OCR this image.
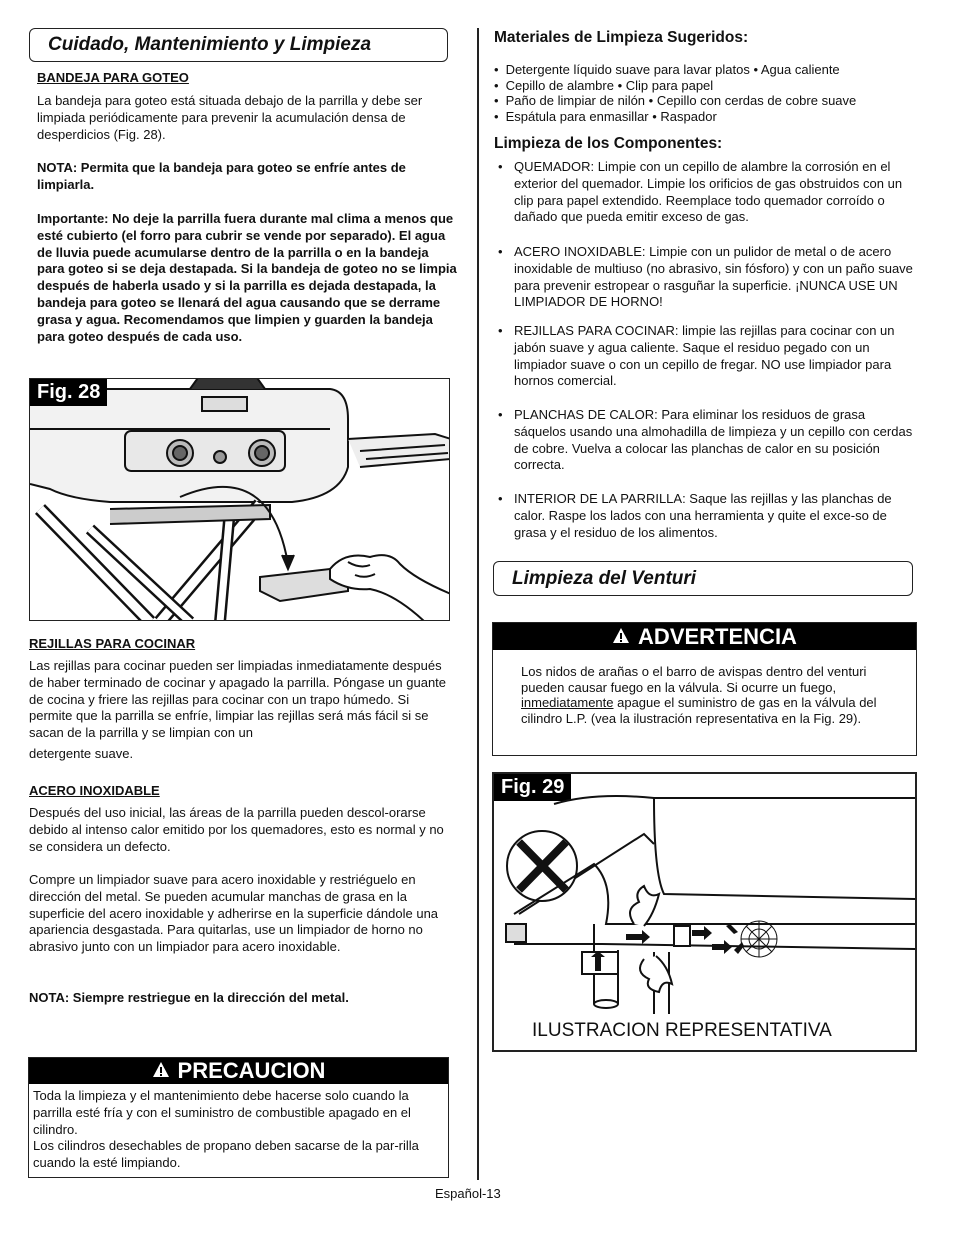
Cuidado, Mantenimiento y Limpieza
BANDEJA PARA GOTEO

La bandeja para goteo está situada debajo de la parrilla y debe ser limpiada periódicamente para prevenir la acumulación densa de desperdicios (Fig. 28).

NOTA: Permita que la bandeja para goteo se enfríe antes de limpiarla.

Importante: No deje la parrilla fuera durante mal clima a menos que esté cubierto (el forro para cubrir se vende por separado). El agua de lluvia puede acumularse dentro de la parrilla o en la bandeja para goteo si se deja destapada. Si la bandeja de goteo no se limpia después de haberla usado y si la parrilla es dejada destapada, la bandeja para goteo se llenará del agua causando que se derrame grasa y agua. Recomendamos que limpien y guarden la bandeja para goteo después de cada uso.

Fig. 28
REJILLAS PARA COCINAR

Las rejillas para cocinar pueden ser limpiadas inmediatamente después de haber terminado de cocinar y apagado la parrilla. Póngase un guante de cocina y friere las rejillas para cocinar con un trapo húmedo. Si permite que la parrilla se enfríe, limpiar las rejillas será más fácil si se sacan de la parrilla y se limpian con un

detergente suave.

ACERO INOXIDABLE

Después del uso inicial, las áreas de la parrilla pueden descol-orarse debido al intenso calor emitido por los quemadores, esto es normal y no se considera un defecto.

Compre un limpiador suave para acero inoxidable y restriéguelo en dirección del metal. Se pueden acumular manchas de grasa en la superficie del acero inoxidable y adherirse en la superficie dándole una apariencia desgastada. Para quitarlas, use un limpiador de horno no abrasivo junto con un limpiador para acero inoxidable.

NOTA: Siempre restriegue en la dirección del metal.

PRECAUCION

Toda la limpieza y el mantenimiento debe hacerse solo cuando la parrilla esté fría y con el suministro de combustible apagado en el cilindro.

Los cilindros desechables de propano deben sacarse de la par-rilla cuando la esté limpiando.

Materiales de Limpieza Sugeridos:
• Detergente líquido suave para lavar platos • Agua caliente
• Cepillo de alambre • Clip para papel
• Paño de limpiar de nilón • Cepillo con cerdas de cobre suave
• Espátula para enmasillar • Raspador
Limpieza de los Componentes:
• QUEMADOR: Limpie con un cepillo de alambre la corrosión en el exterior del quemador. Limpie los orificios de gas obstruidos con un clip para papel extendido. Reemplace todo quemador corroído o dañado que pueda emitir exceso de gas.
• ACERO INOXIDABLE: Limpie con un pulidor de metal o de acero inoxidable de multiuso (no abrasivo, sin fósforo) y con un paño suave para prevenir estropear o rasguñar la superficie. ¡NUNCA USE UN LIMPIADOR DE HORNO!
• REJILLAS PARA COCINAR: limpie las rejillas para cocinar con un jabón suave y agua caliente. Saque el residuo pegado con un limpiador suave o con un cepillo de fregar. NO use limpiador para hornos comercial.
• PLANCHAS DE CALOR: Para eliminar los residuos de grasa sáquelos usando una almohadilla de limpieza y un cepillo con cerdas de cobre. Vuelva a colocar las planchas de calor en su posición correcta.
• INTERIOR DE LA PARRILLA: Saque las rejillas y las planchas de calor. Raspe los lados con una herramienta y quite el exce-so de grasa y el residuo de los alimentos.
Limpieza del Venturi
ADVERTENCIA

Los nidos de arañas o el barro de avispas dentro del venturi pueden causar fuego en la válvula. Si ocurre un fuego, inmediatamente apague el suministro de gas en la válvula del cilindro L.P. (vea la ilustración representativa en la Fig. 29).

Fig. 29
ILUSTRACION REPRESENTATIVA
Español-13
